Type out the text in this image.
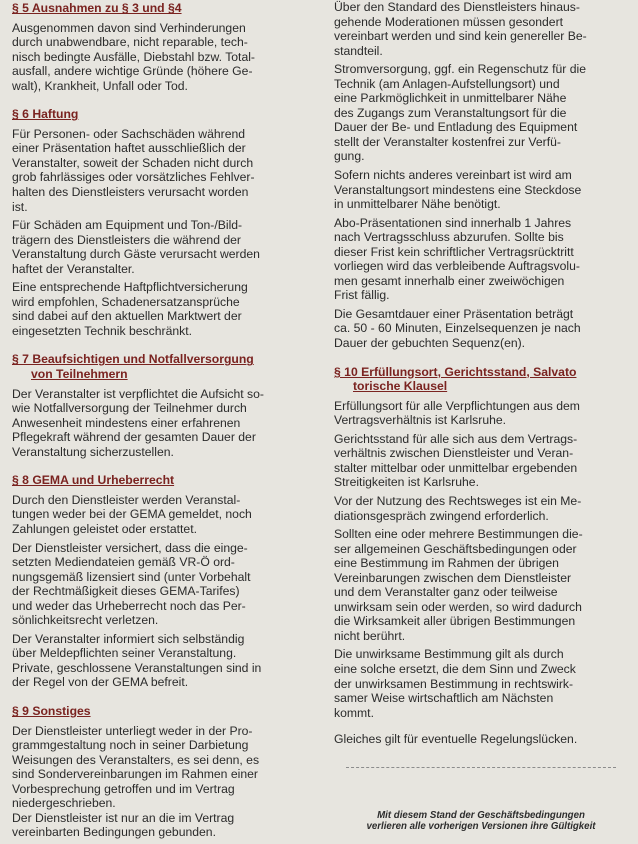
§ 5 Ausnahmen zu § 3 und §4

Ausgenommen davon sind Verhinderungen
durch unabwendbare, nicht reparable, tech-
nisch bedingte Ausfälle, Diebstahl bzw. Total-
ausfall, andere wichtige Gründe (höhere Ge-
walt), Krankheit, Unfall oder Tod.

§ 6 Haftung

Für Personen- oder Sachschäden während
einer Präsentation haftet ausschließlich der
Veranstalter, soweit der Schaden nicht durch
grob fahrlässiges oder vorsätzliches Fehlver-
halten des Dienstleisters verursacht worden
ist.

Für Schäden am Equipment und Ton-/Bild-
trägern des Dienstleisters die während der
Veranstaltung durch Gäste verursacht werden
haftet der Veranstalter.

Eine entsprechende Haftpflichtversicherung
wird empfohlen, Schadenersatzansprüche
sind dabei auf den aktuellen Marktwert der
eingesetzten Technik beschränkt.

§ 7 Beaufsichtigen und Notfallversorgung
von Teilnehmern

Der Veranstalter ist verpflichtet die Aufsicht so-
wie Notfallversorgung der Teilnehmer durch
Anwesenheit mindestens einer erfahrenen
Pflegekraft während der gesamten Dauer der
Veranstaltung sicherzustellen.

§ 8 GEMA und Urheberrecht

Durch den Dienstleister werden Veranstal-
tungen weder bei der GEMA gemeldet, noch
Zahlungen geleistet oder erstattet.

Der Dienstleister versichert, dass die einge-
setzten Mediendateien gemäß VR-Ö ord-
nungsgemäß lizensiert sind (unter Vorbehalt
der Rechtmäßigkeit dieses GEMA-Tarifes)
und weder das Urheberrecht noch das Per-
sönlichkeitsrecht verletzen.

Der Veranstalter informiert sich selbständig
über Meldepflichten seiner Veranstaltung.
Private, geschlossene Veranstaltungen sind in
der Regel von der GEMA befreit.

§ 9 Sonstiges

Der Dienstleister unterliegt weder in der Pro-
grammgestaltung noch in seiner Darbietung
Weisungen des Veranstalters, es sei denn, es
sind Sondervereinbarungen im Rahmen einer
Vorbesprechung getroffen und im Vertrag
niedergeschrieben.
Der Dienstleister ist nur an die im Vertrag
vereinbarten Bedingungen gebunden.

Über den Standard des Dienstleisters hinaus-
gehende Moderationen müssen gesondert
vereinbart werden und sind kein genereller Be-
standteil.

Stromversorgung, ggf. ein Regenschutz für die
Technik (am Anlagen-Aufstellungsort) und
eine Parkmöglichkeit in unmittelbarer Nähe
des Zugangs zum Veranstaltungsort für die
Dauer der Be- und Entladung des Equipment
stellt der Veranstalter kostenfrei zur Verfü-
gung.

Sofern nichts anderes vereinbart ist wird am
Veranstaltungsort mindestens eine Steckdose
in unmittelbarer Nähe benötigt.

Abo-Präsentationen sind innerhalb 1 Jahres
nach Vertragsschluss abzurufen. Sollte bis
dieser Frist kein schriftlicher Vertragsrücktritt
vorliegen wird das verbleibende Auftragsvolu-
men gesamt innerhalb einer zweiwöchigen
Frist fällig.

Die Gesamtdauer einer Präsentation beträgt
ca. 50 - 60 Minuten, Einzelsequenzen je nach
Dauer der gebuchten Sequenz(en).

§ 10 Erfüllungsort, Gerichtsstand, Salvato
torische Klausel

Erfüllungsort für alle Verpflichtungen aus dem
Vertragsverhältnis ist Karlsruhe.

Gerichtsstand für alle sich aus dem Vertrags-
verhältnis zwischen Dienstleister und Veran-
stalter mittelbar oder unmittelbar ergebenden
Streitigkeiten ist Karlsruhe.

Vor der Nutzung des Rechtsweges ist ein Me-
diationsgespräch zwingend erforderlich.

Sollten eine oder mehrere Bestimmungen die-
ser allgemeinen Geschäftsbedingungen oder
eine Bestimmung im Rahmen der übrigen
Vereinbarungen zwischen dem Dienstleister
und dem Veranstalter ganz oder teilweise
unwirksam sein oder werden, so wird dadurch
die Wirksamkeit aller übrigen Bestimmungen
nicht berührt.

Die unwirksame Bestimmung gilt als durch
eine solche ersetzt, die dem Sinn und Zweck
der unwirksamen Bestimmung in rechtswirk-
samer Weise wirtschaftlich am Nächsten
kommt.

Gleiches gilt für eventuelle Regelungslücken.

Mit diesem Stand der Geschäftsbedingungen
verlieren alle vorherigen Versionen ihre Gültigkeit
